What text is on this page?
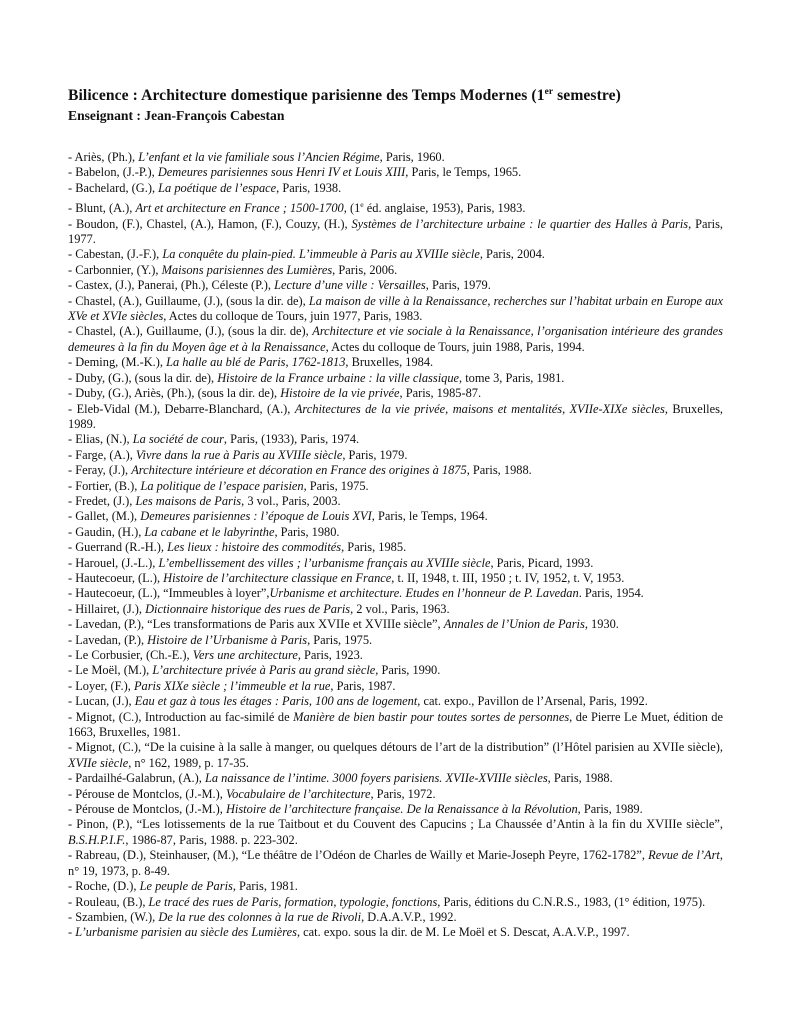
Bilicence : Architecture domestique parisienne des Temps Modernes (1er semestre)
Enseignant : Jean-François Cabestan

- Ariès, (Ph.), L’enfant et la vie familiale sous l’Ancien Régime, Paris, 1960.

- Babelon, (J.-P.), Demeures parisiennes sous Henri IV et Louis XIII, Paris, le Temps, 1965.

- Bachelard, (G.), La poétique de l’espace, Paris, 1938.

- Blunt, (A.), Art et architecture en France ; 1500-1700, (1e éd. anglaise, 1953), Paris, 1983.

- Boudon, (F.), Chastel, (A.), Hamon, (F.), Couzy, (H.), Systèmes de l’architecture urbaine : le quartier des Halles à Paris, Paris, 1977.

- Cabestan, (J.-F.), La conquête du plain-pied. L’immeuble à Paris au XVIIIe siècle, Paris, 2004.

- Carbonnier, (Y.), Maisons parisiennes des Lumières, Paris, 2006.

- Castex, (J.), Panerai, (Ph.), Céleste (P.), Lecture d’une ville : Versailles, Paris, 1979.

- Chastel, (A.), Guillaume, (J.), (sous la dir. de), La maison de ville à la Renaissance, recherches sur l’habitat urbain en Europe aux XVe et XVIe siècles, Actes du colloque de Tours, juin 1977, Paris, 1983.

- Chastel, (A.), Guillaume, (J.), (sous la dir. de), Architecture et vie sociale à la Renaissance, l’organisation intérieure des grandes demeures à la fin du Moyen âge et à la Renaissance, Actes du colloque de Tours, juin 1988, Paris, 1994.

- Deming, (M.-K.), La halle au blé de Paris, 1762-1813, Bruxelles, 1984.

- Duby, (G.), (sous la dir. de), Histoire de la France urbaine : la ville classique, tome 3, Paris, 1981.

- Duby, (G.), Ariès, (Ph.), (sous la dir. de), Histoire de la vie privée, Paris, 1985-87.

- Eleb-Vidal (M.), Debarre-Blanchard, (A.), Architectures de la vie privée, maisons et mentalités, XVIIe-XIXe siècles, Bruxelles, 1989.

- Elias, (N.), La société de cour, Paris, (1933), Paris, 1974.

- Farge, (A.), Vivre dans la rue à Paris au XVIIIe siècle, Paris, 1979.

- Feray, (J.), Architecture intérieure et décoration en France des origines à 1875, Paris, 1988.

- Fortier, (B.), La politique de l’espace parisien, Paris, 1975.

- Fredet, (J.), Les maisons de Paris, 3 vol., Paris, 2003.

- Gallet, (M.), Demeures parisiennes : l’époque de Louis XVI, Paris, le Temps, 1964.

- Gaudin, (H.), La cabane et le labyrinthe, Paris, 1980.

- Guerrand (R.-H.), Les lieux : histoire des commodités, Paris, 1985.

- Harouel, (J.-L.), L’embellissement des villes ; l’urbanisme français au XVIIIe siècle, Paris, Picard, 1993.

- Hautecoeur, (L.), Histoire de l’architecture classique en France, t. II, 1948, t. III, 1950 ; t. IV, 1952, t. V, 1953.

- Hautecoeur, (L.), “Immeubles à loyer”,Urbanisme et architecture. Etudes en l’honneur de P. Lavedan. Paris, 1954.

- Hillairet, (J.), Dictionnaire historique des rues de Paris, 2 vol., Paris, 1963.

- Lavedan, (P.), “Les transformations de Paris aux XVIIe et XVIIIe siècle”, Annales de l’Union de Paris, 1930.

- Lavedan, (P.), Histoire de l’Urbanisme à Paris, Paris, 1975.

- Le Corbusier, (Ch.-E.), Vers une architecture, Paris, 1923.

- Le Moël, (M.), L’architecture privée à Paris au grand siècle, Paris, 1990.

- Loyer, (F.), Paris XIXe siècle ; l’immeuble et la rue, Paris, 1987.

- Lucan, (J.), Eau et gaz à tous les étages : Paris, 100 ans de logement, cat. expo., Pavillon de l’Arsenal, Paris, 1992.

- Mignot, (C.), Introduction au fac-similé de Manière de bien bastir pour toutes sortes de personnes, de Pierre Le Muet, édition de 1663, Bruxelles, 1981.

- Mignot, (C.), “De la cuisine à la salle à manger, ou quelques détours de l’art de la distribution” (l’Hôtel parisien au XVIIe siècle), XVIIe siècle, n° 162, 1989, p. 17-35.

- Pardailhé-Galabrun, (A.), La naissance de l’intime. 3000 foyers parisiens. XVIIe-XVIIIe siècles, Paris, 1988.

- Pérouse de Montclos, (J.-M.), Vocabulaire de l’architecture, Paris, 1972.

- Pérouse de Montclos, (J.-M.), Histoire de l’architecture française. De la Renaissance à la Révolution, Paris, 1989.

- Pinon, (P.), “Les lotissements de la rue Taitbout et du Couvent des Capucins ; La Chaussée d’Antin à la fin du XVIIIe siècle”, B.S.H.P.I.F., 1986-87, Paris, 1988. p. 223-302.

- Rabreau, (D.), Steinhauser, (M.), “Le théâtre de l’Odéon de Charles de Wailly et Marie-Joseph Peyre, 1762-1782”, Revue de l’Art, n° 19, 1973, p. 8-49.

- Roche, (D.), Le peuple de Paris, Paris, 1981.

- Rouleau, (B.), Le tracé des rues de Paris, formation, typologie, fonctions, Paris, éditions du C.N.R.S., 1983, (1° édition, 1975).

- Szambien, (W.), De la rue des colonnes à la rue de Rivoli, D.A.A.V.P., 1992.

- L’urbanisme parisien au siècle des Lumières, cat. expo. sous la dir. de M. Le Moël et S. Descat, A.A.V.P., 1997.
